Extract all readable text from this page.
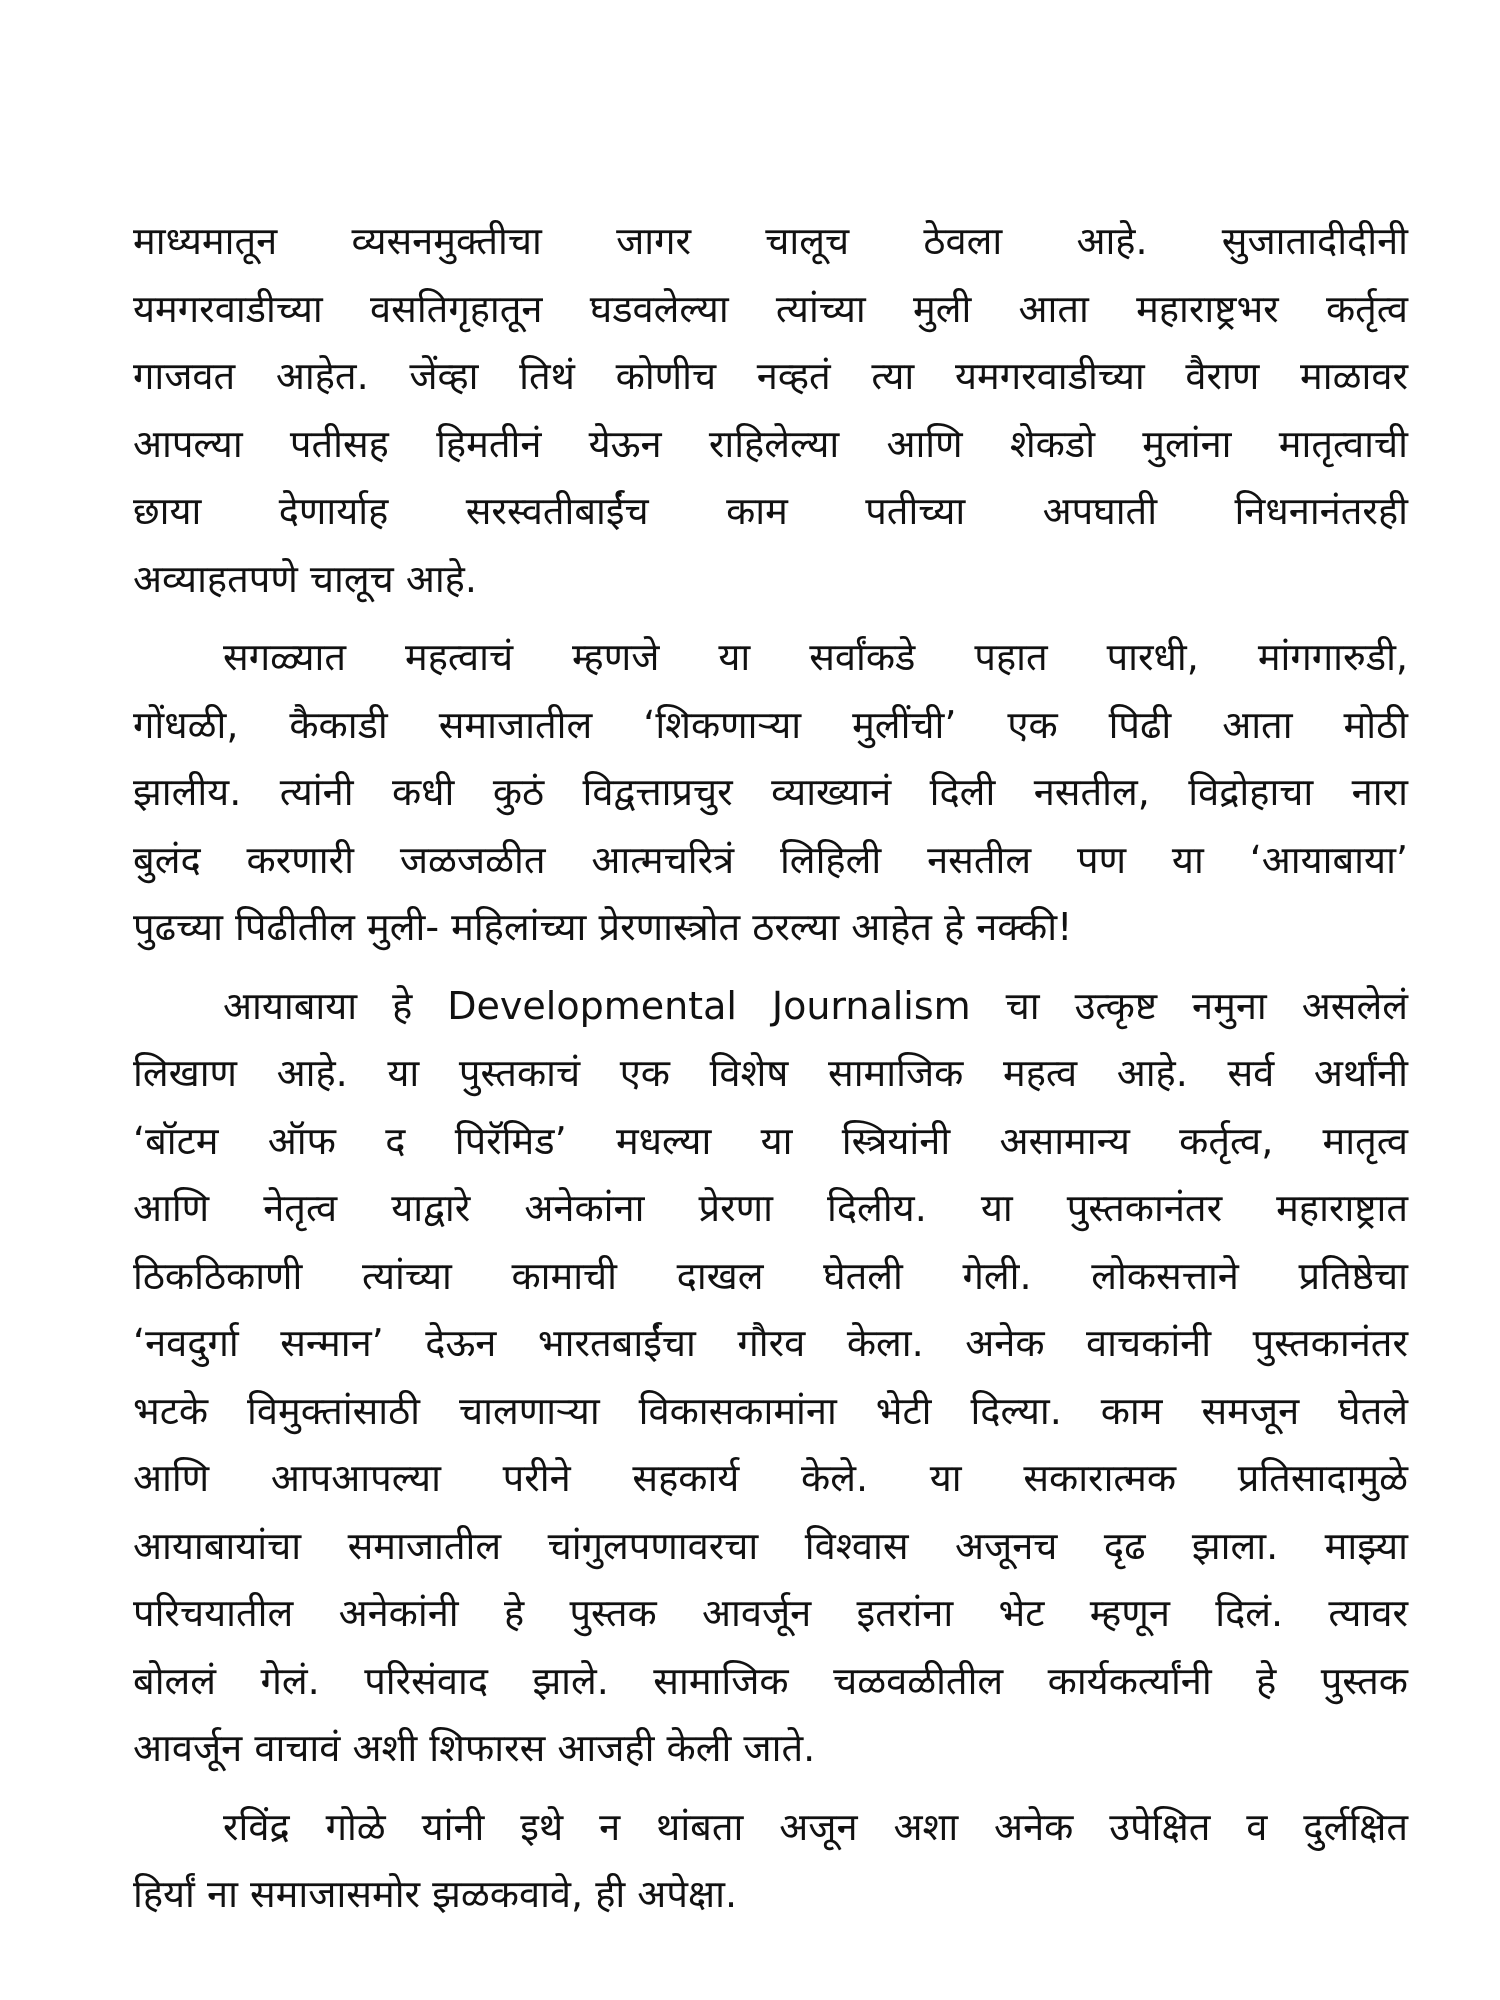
माध्यमातून व्यसनमुक्तीचा जागर चालूच ठेवला आहे. सुजातादीदीनी
यमगरवाडीच्या वसतिगृहातून घडवलेल्या त्यांच्या मुली आता महाराष्ट्रभर कर्तृत्व
गाजवत आहेत. जेंव्हा तिथं कोणीच नव्हतं त्या यमगरवाडीच्या वैराण माळावर
आपल्या पतीसह हिमतीनं येऊन राहिलेल्या आणि शेकडो मुलांना मातृत्वाची
छाया देणार्याह सरस्वतीबाईंच काम पतीच्या अपघाती निधनानंतरही
अव्याहतपणे चालूच आहे.
सगळ्यात महत्वाचं म्हणजे या सर्वांकडे पहात पारधी, मांगगारुडी,
गोंधळी, कैकाडी समाजातील ‘शिकणाऱ्या मुलींची’ एक पिढी आता मोठी
झालीय. त्यांनी कधी कुठं विद्वत्ताप्रचुर व्याख्यानं दिली नसतील, विद्रोहाचा नारा
बुलंद करणारी जळजळीत आत्मचरित्रं लिहिली नसतील पण या ‘आयाबाया’
पुढच्या पिढीतील मुली- महिलांच्या प्रेरणास्त्रोत ठरल्या आहेत हे नक्की!
आयाबाया हे Developmental Journalism चा उत्कृष्ट नमुना असलेलं
लिखाण आहे. या पुस्तकाचं एक विशेष सामाजिक महत्व आहे. सर्व अर्थांनी
‘बॉटम ऑफ द पिरॅमिड’ मधल्या या स्त्रियांनी असामान्य कर्तृत्व, मातृत्व
आणि नेतृत्व याद्वारे अनेकांना प्रेरणा दिलीय. या पुस्तकानंतर महाराष्ट्रात
ठिकठिकाणी त्यांच्या कामाची दाखल घेतली गेली. लोकसत्ताने प्रतिष्ठेचा
‘नवदुर्गा सन्मान’ देऊन भारतबाईंचा गौरव केला. अनेक वाचकांनी पुस्तकानंतर
भटके विमुक्तांसाठी चालणाऱ्या विकासकामांना भेटी दिल्या. काम समजून घेतले
आणि आपआपल्या परीने सहकार्य केले. या सकारात्मक प्रतिसादामुळे
आयाबायांचा समाजातील चांगुलपणावरचा विश्वास अजूनच दृढ झाला. माझ्या
परिचयातील अनेकांनी हे पुस्तक आवर्जून इतरांना भेट म्हणून दिलं. त्यावर
बोललं गेलं. परिसंवाद झाले. सामाजिक चळवळीतील कार्यकर्त्यांनी हे पुस्तक
आवर्जून वाचावं अशी शिफारस आजही केली जाते.
रविंद्र गोळे यांनी इथे न थांबता अजून अशा अनेक उपेक्षित व दुर्लक्षित
हिर्यां ना समाजासमोर झळकवावे, ही अपेक्षा.
